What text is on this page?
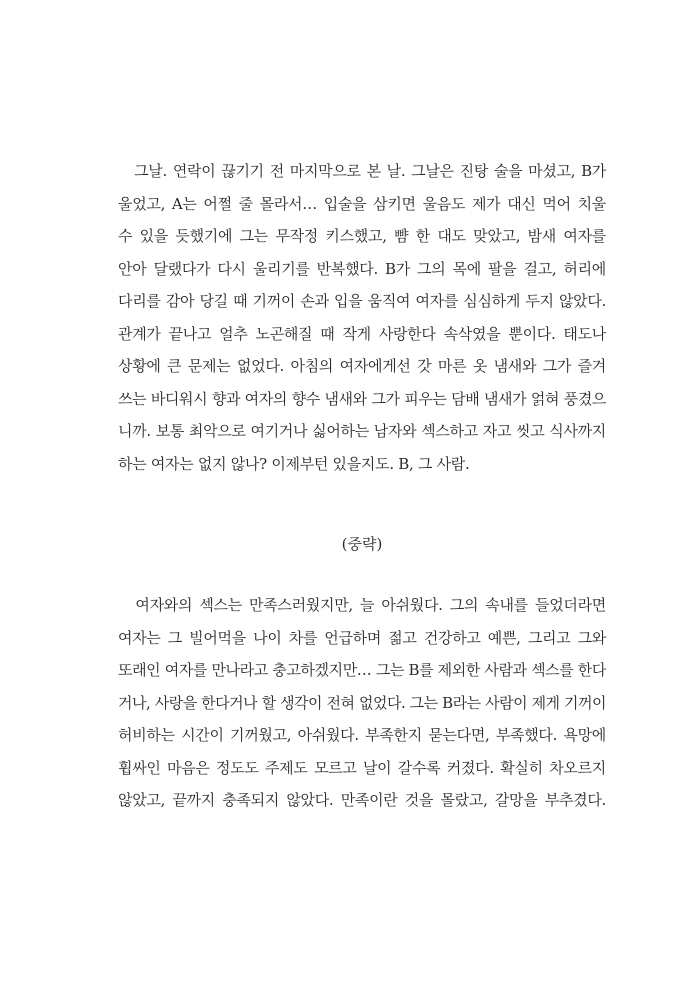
　그날. 연락이 끊기기 전 마지막으로 본 날. 그날은 진탕 술을 마셨고, B가
울었고, A는 어쩔 줄 몰라서… 입술을 삼키면 울음도 제가 대신 먹어 치울
수 있을 듯했기에 그는 무작정 키스했고, 뺨 한 대도 맞았고, 밤새 여자를
안아 달랬다가 다시 울리기를 반복했다. B가 그의 목에 팔을 걸고, 허리에
다리를 감아 당길 때 기꺼이 손과 입을 움직여 여자를 심심하게 두지 않았다.
관계가 끝나고 얼추 노곤해질 때 작게 사랑한다 속삭였을 뿐이다. 태도나
상황에 큰 문제는 없었다. 아침의 여자에게선 갓 마른 옷 냄새와 그가 즐겨
쓰는 바디워시 향과 여자의 향수 냄새와 그가 피우는 담배 냄새가 얽혀 풍겼으
니까. 보통 최악으로 여기거나 싫어하는 남자와 섹스하고 자고 씻고 식사까지
하는 여자는 없지 않나? 이제부턴 있을지도. B, 그 사람.
(중략)
　여자와의 섹스는 만족스러웠지만, 늘 아쉬웠다. 그의 속내를 들었더라면
여자는 그 빌어먹을 나이 차를 언급하며 젊고 건강하고 예쁜, 그리고 그와
또래인 여자를 만나라고 충고하겠지만… 그는 B를 제외한 사람과 섹스를 한다
거나, 사랑을 한다거나 할 생각이 전혀 없었다. 그는 B라는 사람이 제게 기꺼이
허비하는 시간이 기꺼웠고, 아쉬웠다. 부족한지 묻는다면, 부족했다. 욕망에
휩싸인 마음은 정도도 주제도 모르고 날이 갈수록 커졌다. 확실히 차오르지
않았고, 끝까지 충족되지 않았다. 만족이란 것을 몰랐고, 갈망을 부추겼다.
